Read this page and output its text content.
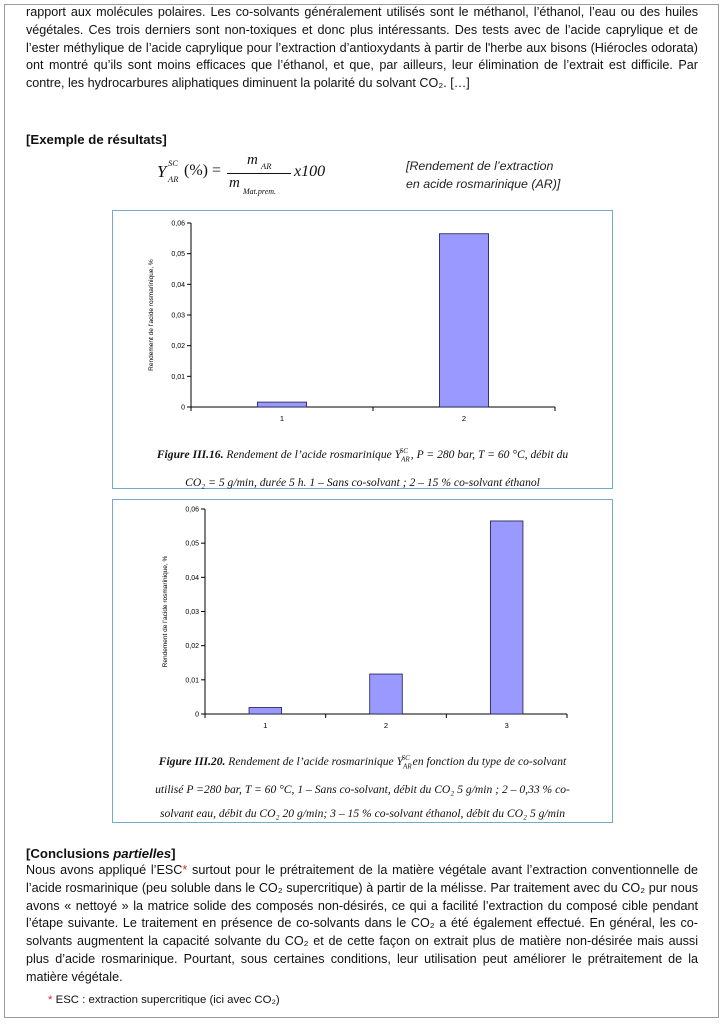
rapport aux molécules polaires. Les co-solvants généralement utilisés sont le méthanol, l’éthanol, l’eau ou des huiles végétales. Ces trois derniers sont non-toxiques et donc plus intéressants. Des tests avec de l’acide caprylique et de l’ester méthylique de l’acide caprylique pour l’extraction d’antioxydants à partir de l'herbe aux bisons (Hiérocles odorata) ont montré qu’ils sont moins efficaces que l’éthanol, et que, par ailleurs, leur élimination de l’extrait est difficile. Par contre, les hydrocarbures aliphatiques diminuent la polarité du solvant CO₂. […]

[Exemple de résultats]
Y SC
AR (%) =
m AR
m
Mat.prem.
x100	[Rendement de l’extraction
en acide rosmarinique (AR)]
0
0,01
0,02
0,03
0,04
0,05
0,06
Rendement de l’acide rosmarinique, %
1	2
Figure III.16. Rendement de l’acide rosmarinique $Y_{AR}^{SC}$ , P = 280 bar, T = 60 °C, débit du
CO₂ = 5 g/min, durée 5 h. 1 – Sans co-solvant ; 2 – 15 % co-solvant éthanol
0
0,01
0,02
0,03
0,04
0,05
0,06
Rendement de l’acide rosmarinique, %
1	2	3
Figure III.20. Rendement de l’acide rosmarinique $Y_{AR}^{SC}$ en fonction du type de co-solvant
utilisé P =280 bar, T = 60 °C, 1 – Sans co-solvant, débit du CO₂ 5 g/min ; 2 – 0,33 % co-
solvant eau, débit du CO₂ 20 g/min; 3 – 15 % co-solvant éthanol, débit du CO₂ 5 g/min
[Conclusions partielles]

Nous avons appliqué l’ESC* surtout pour le prétraitement de la matière végétale avant l’extraction conventionnelle de l’acide rosmarinique (peu soluble dans le CO₂ supercritique) à partir de la mélisse. Par traitement avec du CO₂ pur nous avons « nettoyé » la matrice solide des composés non-désirés, ce qui a facilité l’extraction du composé cible pendant l’étape suivante. Le traitement en présence de co-solvants dans le CO₂ a été également effectué. En général, les co-solvants augmentent la capacité solvante du CO₂ et de cette façon on extrait plus de matière non-désirée mais aussi plus d’acide rosmarinique. Pourtant, sous certaines conditions, leur utilisation peut améliorer le prétraitement de la matière végétale.

* ESC : extraction supercritique (ici avec CO₂)
